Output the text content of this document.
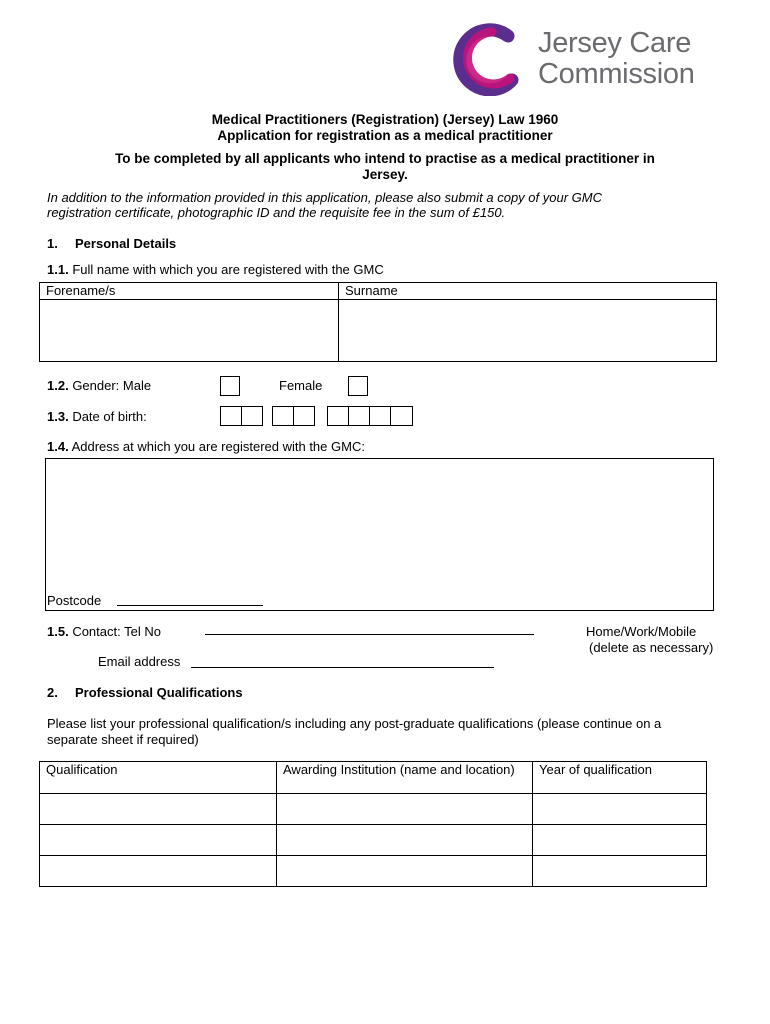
Jersey Care
Commission
Medical Practitioners (Registration) (Jersey) Law 1960
Application for registration as a medical practitioner
To be completed by all applicants who intend to practise as a medical practitioner in
Jersey.
In addition to the information provided in this application, please also submit a copy of your GMC
registration certificate, photographic ID and the requisite fee in the sum of £150.
1. Personal Details
1.1. Full name with which you are registered with the GMC
Forename/s	Surname

1.2. Gender: Male	Female
1.3. Date of birth:
1.4. Address at which you are registered with the GMC:
Postcode
1.5. Contact: Tel No	Home/Work/Mobile
(delete as necessary)
Email address
2. Professional Qualifications
Please list your professional qualification/s including any post-graduate qualifications (please continue on a
separate sheet if required)
Qualification	Awarding Institution (name and location)	Year of qualification
